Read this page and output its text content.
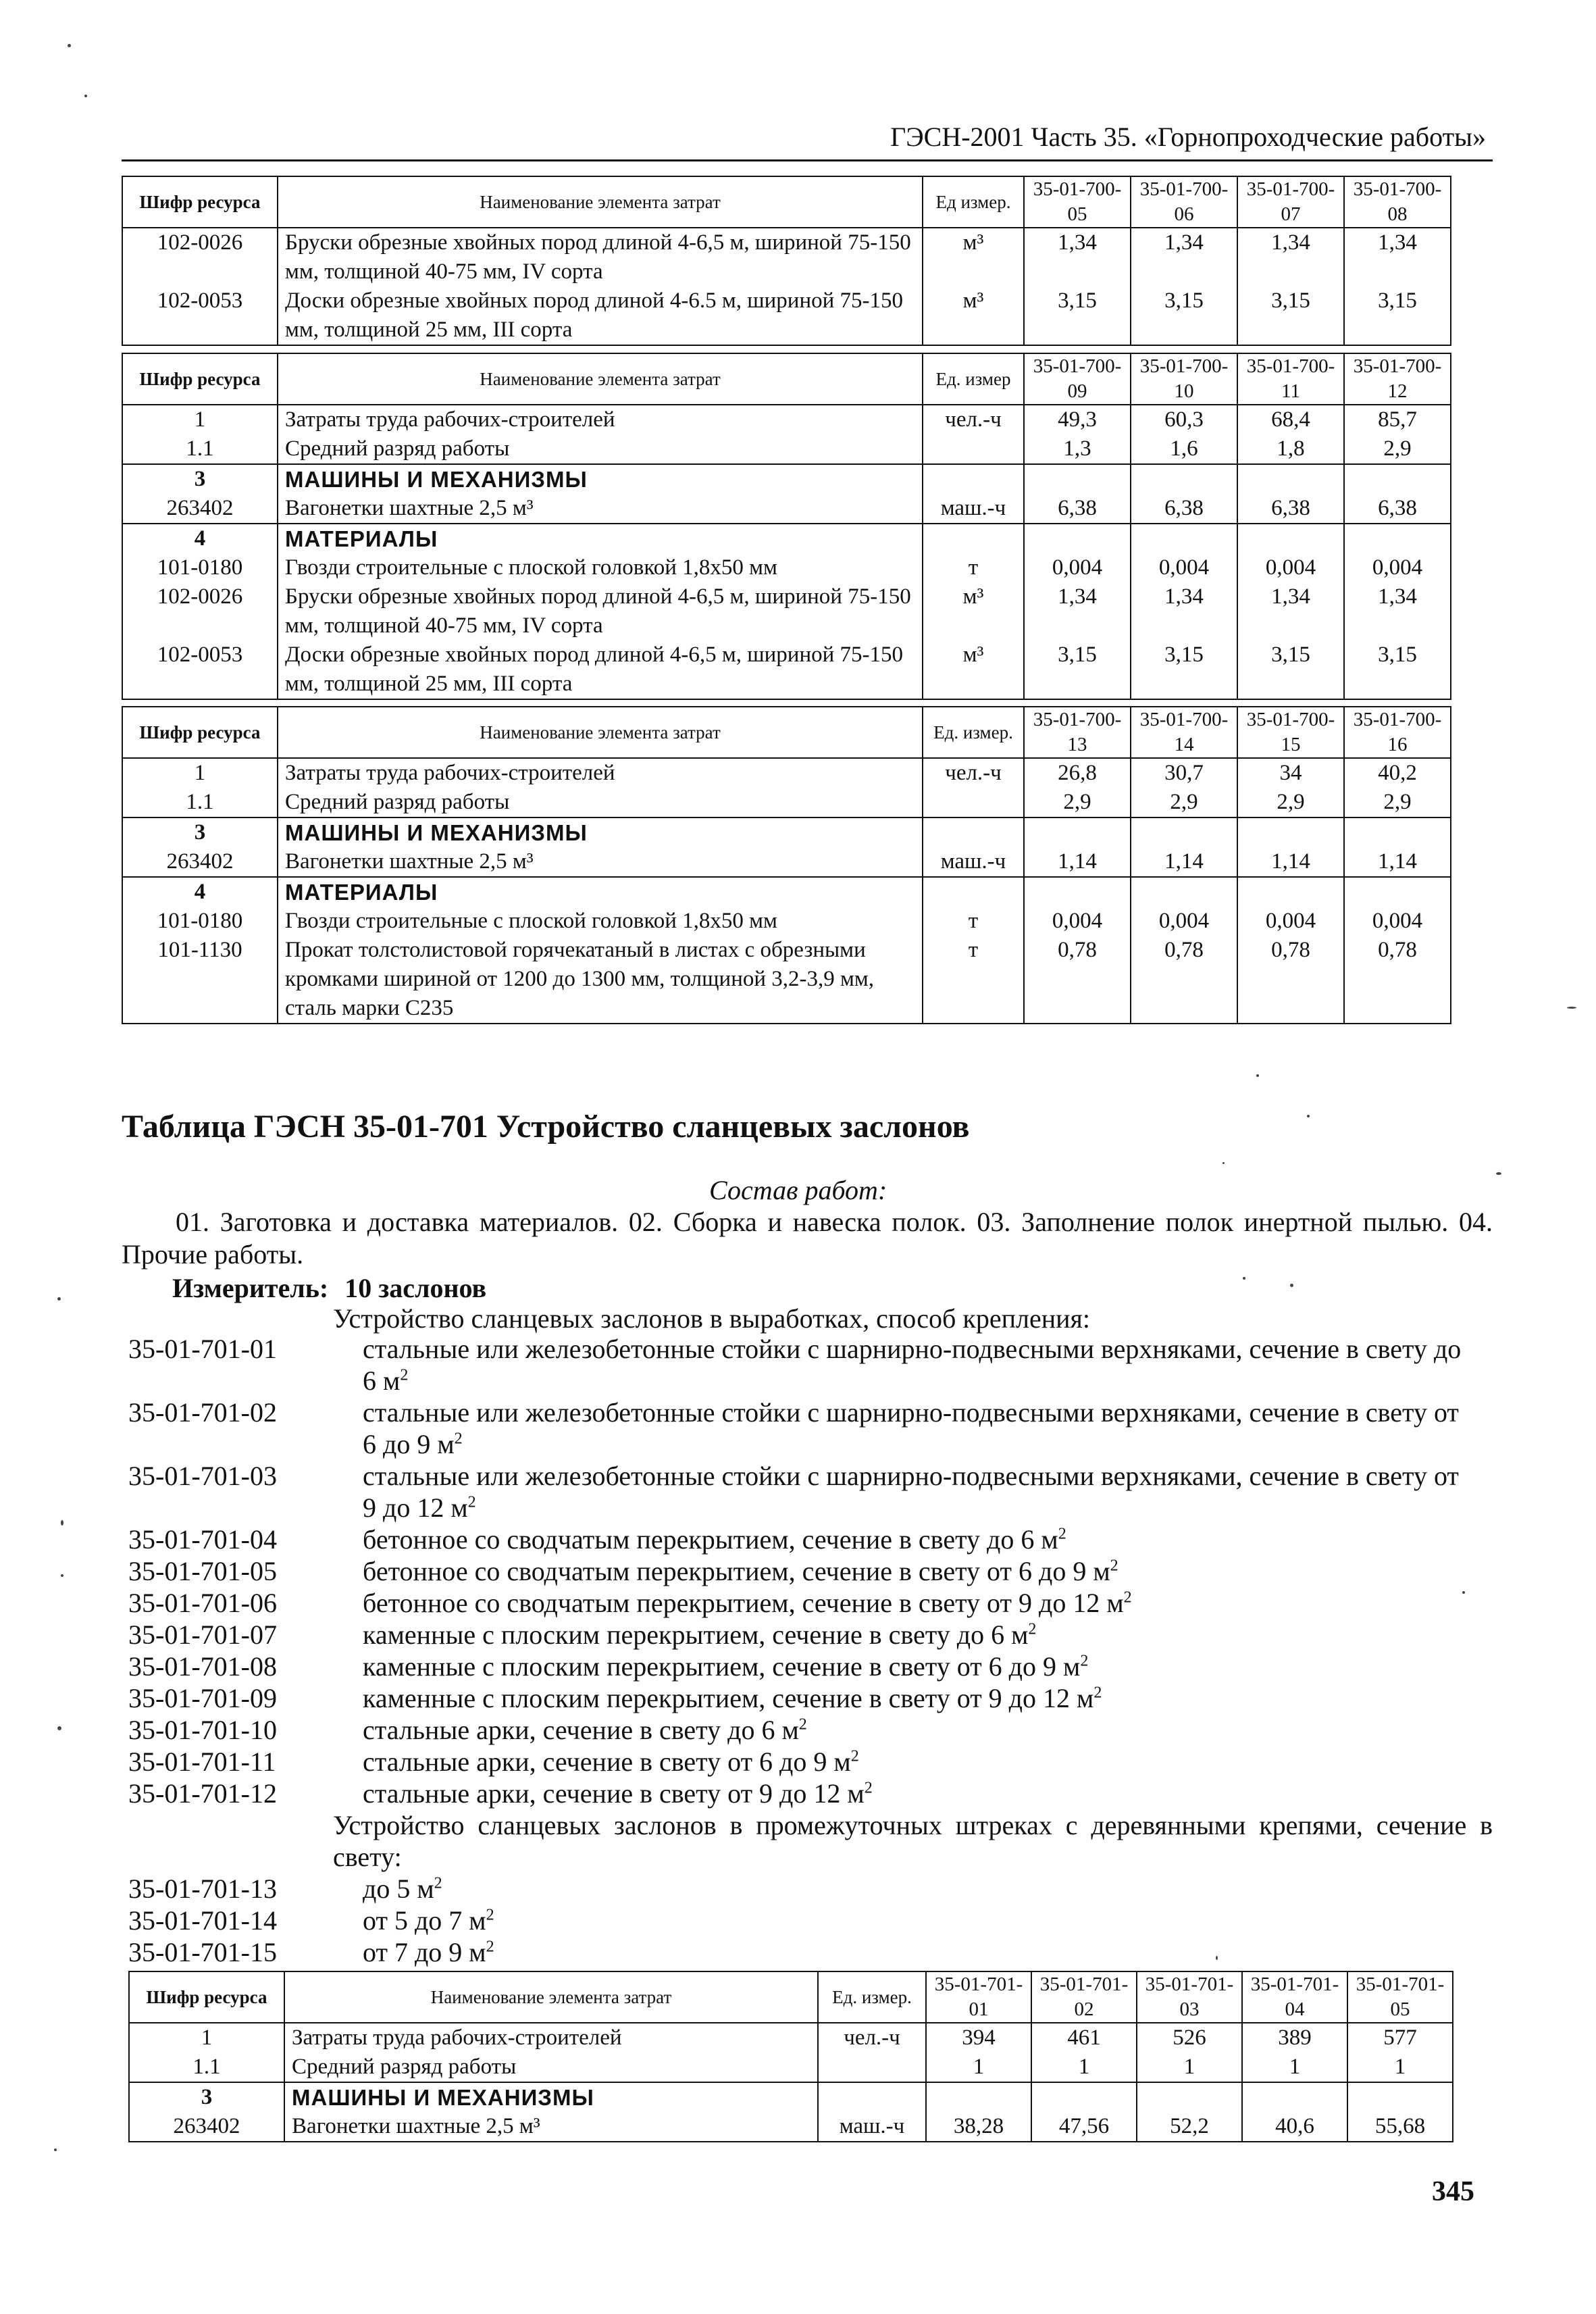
ГЭСН-2001 Часть 35. «Горнопроходческие работы»
Шифр ресурса	Наименование элемента затрат	Ед измер.	35-01-700-05	35-01-700-06	35-01-700-07	35-01-700-08
102-0026	Бруски обрезные хвойных пород длиной 4-6,5 м, шириной 75-150 мм, толщиной 40-75 мм, IV сорта	м³	1,34	1,34	1,34	1,34
102-0053	Доски обрезные хвойных пород длиной 4-6.5 м, шириной 75-150 мм, толщиной 25 мм, III сорта	м³	3,15	3,15	3,15	3,15
Шифр ресурса	Наименование элемента затрат	Ед. измер	35-01-700-09	35-01-700-10	35-01-700-11	35-01-700-12
1	Затраты труда рабочих-строителей	чел.-ч	49,3	60,3	68,4	85,7
1.1	Средний разряд работы		1,3	1,6	1,8	2,9
3	МАШИНЫ И МЕХАНИЗМЫ					
263402	Вагонетки шахтные 2,5 м³	маш.-ч	6,38	6,38	6,38	6,38
4	МАТЕРИАЛЫ					
101-0180	Гвозди строительные с плоской головкой 1,8х50 мм	т	0,004	0,004	0,004	0,004
102-0026	Бруски обрезные хвойных пород длиной 4-6,5 м, шириной 75-150 мм, толщиной 40-75 мм, IV сорта	м³	1,34	1,34	1,34	1,34
102-0053	Доски обрезные хвойных пород длиной 4-6,5 м, шириной 75-150 мм, толщиной 25 мм, III сорта	м³	3,15	3,15	3,15	3,15
Шифр ресурса	Наименование элемента затрат	Ед. измер.	35-01-700-13	35-01-700-14	35-01-700-15	35-01-700-16
1	Затраты труда рабочих-строителей	чел.-ч	26,8	30,7	34	40,2
1.1	Средний разряд работы		2,9	2,9	2,9	2,9
3	МАШИНЫ И МЕХАНИЗМЫ					
263402	Вагонетки шахтные 2,5 м³	маш.-ч	1,14	1,14	1,14	1,14
4	МАТЕРИАЛЫ					
101-0180	Гвозди строительные с плоской головкой 1,8х50 мм	т	0,004	0,004	0,004	0,004
101-1130	Прокат толстолистовой горячекатаный в листах с обрезными кромками шириной от 1200 до 1300 мм, толщиной 3,2-3,9 мм, сталь марки С235	т	0,78	0,78	0,78	0,78
Таблица ГЭСН 35-01-701 Устройство сланцевых заслонов
Состав работ:
01. Заготовка и доставка материалов. 02. Сборка и навеска полок. 03. Заполнение полок инертной пылью. 04. Прочие работы.
Измеритель: 10 заслонов
Устройство сланцевых заслонов в выработках, способ крепления:
35-01-701-01	стальные или железобетонные стойки с шарнирно-подвесными верхняками, сечение в свету до 6 $м^2$
35-01-701-02	стальные или железобетонные стойки с шарнирно-подвесными верхняками, сечение в свету от 6 до 9 $м^2$
35-01-701-03	стальные или железобетонные стойки с шарнирно-подвесными верхняками, сечение в свету от 9 до 12 $м^2$
35-01-701-04	бетонное со сводчатым перекрытием, сечение в свету до 6 $м^2$
35-01-701-05	бетонное со сводчатым перекрытием, сечение в свету от 6 до 9 $м^2$
35-01-701-06	бетонное со сводчатым перекрытием, сечение в свету от 9 до 12 $м^2$
35-01-701-07	каменные с плоским перекрытием, сечение в свету до 6 $м^2$
35-01-701-08	каменные с плоским перекрытием, сечение в свету от 6 до 9 $м^2$
35-01-701-09	каменные с плоским перекрытием, сечение в свету от 9 до 12 $м^2$
35-01-701-10	стальные арки, сечение в свету до 6 $м^2$
35-01-701-11	стальные арки, сечение в свету от 6 до 9 $м^2$
35-01-701-12	стальные арки, сечение в свету от 9 до 12 $м^2$
Устройство сланцевых заслонов в промежуточных штреках с деревянными крепями, сечение в свету:
35-01-701-13	до 5 $м^2$
35-01-701-14	от 5 до 7 $м^2$
35-01-701-15	от 7 до 9 $м^2$
Шифр ресурса	Наименование элемента затрат	Ед. измер.	35-01-701-01	35-01-701-02	35-01-701-03	35-01-701-04	35-01-701-05
1	Затраты труда рабочих-строителей	чел.-ч	394	461	526	389	577
1.1	Средний разряд работы		1	1	1	1	1
3	МАШИНЫ И МЕХАНИЗМЫ						
263402	Вагонетки шахтные 2,5 м³	маш.-ч	38,28	47,56	52,2	40,6	55,68
345
